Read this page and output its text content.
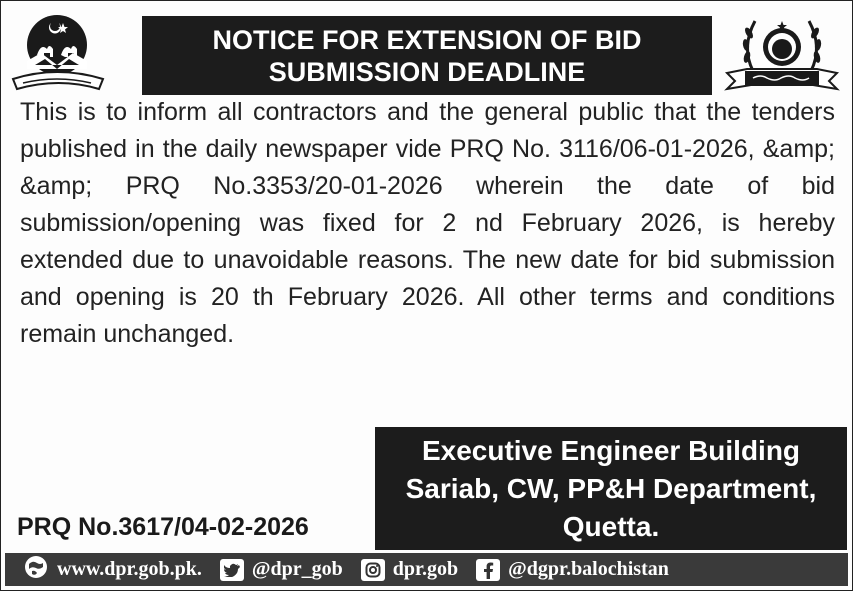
NOTICE FOR EXTENSION OF BID
SUBMISSION DEADLINE
This is to inform all contractors and the general public that the tenders published in the daily newspaper vide PRQ No. 3116/06-01-2026, &amp; &amp; PRQ No.3353/20-01-2026 wherein the date of bid submission/opening was fixed for 2 nd February 2026, is hereby extended due to unavoidable reasons. The new date for bid submission and opening is 20 th February 2026. All other terms and conditions remain unchanged.
PRQ No.3617/04-02-2026
Executive Engineer Building
Sariab, CW, PP&H Department,
Quetta.
www.dpr.gob.pk.	@dpr_gob	dpr.gob	@dgpr.balochistan
